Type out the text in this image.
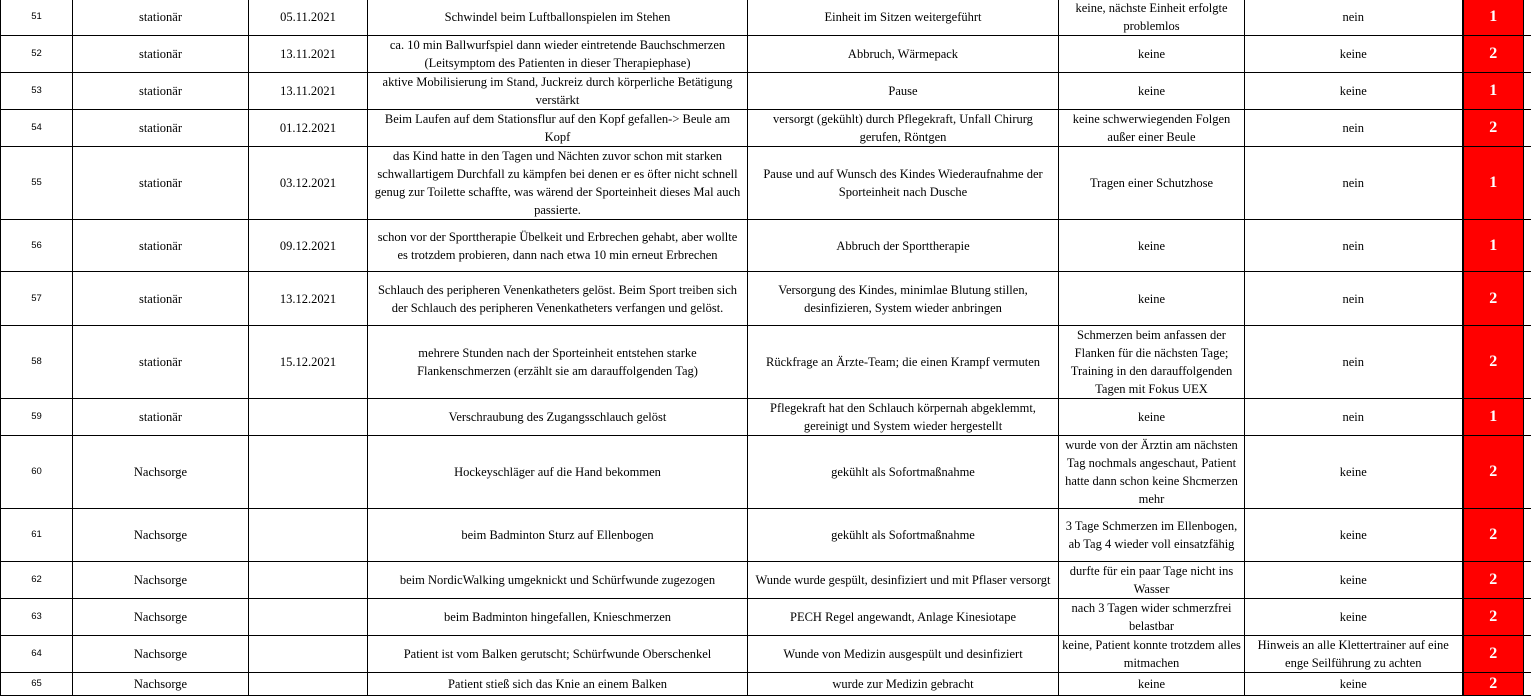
51	stationär	05.11.2021	Schwindel beim Luftballonspielen im Stehen	Einheit im Sitzen weitergeführt	keine, nächste Einheit erfolgte problemlos	nein	1	
52	stationär	13.11.2021	ca. 10 min Ballwurfspiel dann wieder eintretende Bauchschmerzen (Leitsymptom des Patienten in dieser Therapiephase)	Abbruch, Wärmepack	keine	keine	2	
53	stationär	13.11.2021	aktive Mobilisierung im Stand, Juckreiz durch körperliche Betätigung verstärkt	Pause	keine	keine	1	
54	stationär	01.12.2021	Beim Laufen auf dem Stationsflur auf den Kopf gefallen-> Beule am Kopf	versorgt (gekühlt) durch Pflegekraft, Unfall Chirurg gerufen, Röntgen	keine schwerwiegenden Folgen außer einer Beule	nein	2	
55	stationär	03.12.2021	das Kind hatte in den Tagen und Nächten zuvor schon mit starken schwallartigem Durchfall zu kämpfen bei denen er es öfter nicht schnell genug zur Toilette schaffte, was wärend der Sporteinheit dieses Mal auch passierte.	Pause und auf Wunsch des Kindes Wiederaufnahme der Sporteinheit nach Dusche	Tragen einer Schutzhose	nein	1	
56	stationär	09.12.2021	schon vor der Sporttherapie Übelkeit und Erbrechen gehabt, aber wollte es trotzdem probieren, dann nach etwa 10 min erneut Erbrechen	Abbruch der Sporttherapie	keine	nein	1	
57	stationär	13.12.2021	Schlauch des peripheren Venenkatheters gelöst. Beim Sport treiben sich der Schlauch des peripheren Venenkatheters verfangen und gelöst.	Versorgung des Kindes, minimlae Blutung stillen, desinfizieren, System wieder anbringen	keine	nein	2	
58	stationär	15.12.2021	mehrere Stunden nach der Sporteinheit entstehen starke Flankenschmerzen (erzählt sie am darauffolgenden Tag)	Rückfrage an Ärzte-Team; die einen Krampf vermuten	Schmerzen beim anfassen der Flanken für die nächsten Tage; Training in den darauffolgenden Tagen mit Fokus UEX	nein	2	
59	stationär		Verschraubung des Zugangsschlauch gelöst	Pflegekraft hat den Schlauch körpernah abgeklemmt, gereinigt und System wieder hergestellt	keine	nein	1	
60	Nachsorge		Hockeyschläger auf die Hand bekommen	gekühlt als Sofortmaßnahme	wurde von der Ärztin am nächsten Tag nochmals angeschaut, Patient hatte dann schon keine Shcmerzen mehr	keine	2	
61	Nachsorge		beim Badminton Sturz auf Ellenbogen	gekühlt als Sofortmaßnahme	3 Tage Schmerzen im Ellenbogen, ab Tag 4 wieder voll einsatzfähig	keine	2	
62	Nachsorge		beim NordicWalking umgeknickt und Schürfwunde zugezogen	Wunde wurde gespült, desinfiziert und mit Pflaser versorgt	durfte für ein paar Tage nicht ins Wasser	keine	2	
63	Nachsorge		beim Badminton hingefallen, Knieschmerzen	PECH Regel angewandt, Anlage Kinesiotape	nach 3 Tagen wider schmerzfrei belastbar	keine	2	
64	Nachsorge		Patient ist vom Balken gerutscht; Schürfwunde Oberschenkel	Wunde von Medizin ausgespült und desinfiziert	keine, Patient konnte trotzdem alles mitmachen	Hinweis an alle Klettertrainer auf eine enge Seilführung zu achten	2	
65	Nachsorge		Patient stieß sich das Knie an einem Balken	wurde zur Medizin gebracht	keine	keine	2	
